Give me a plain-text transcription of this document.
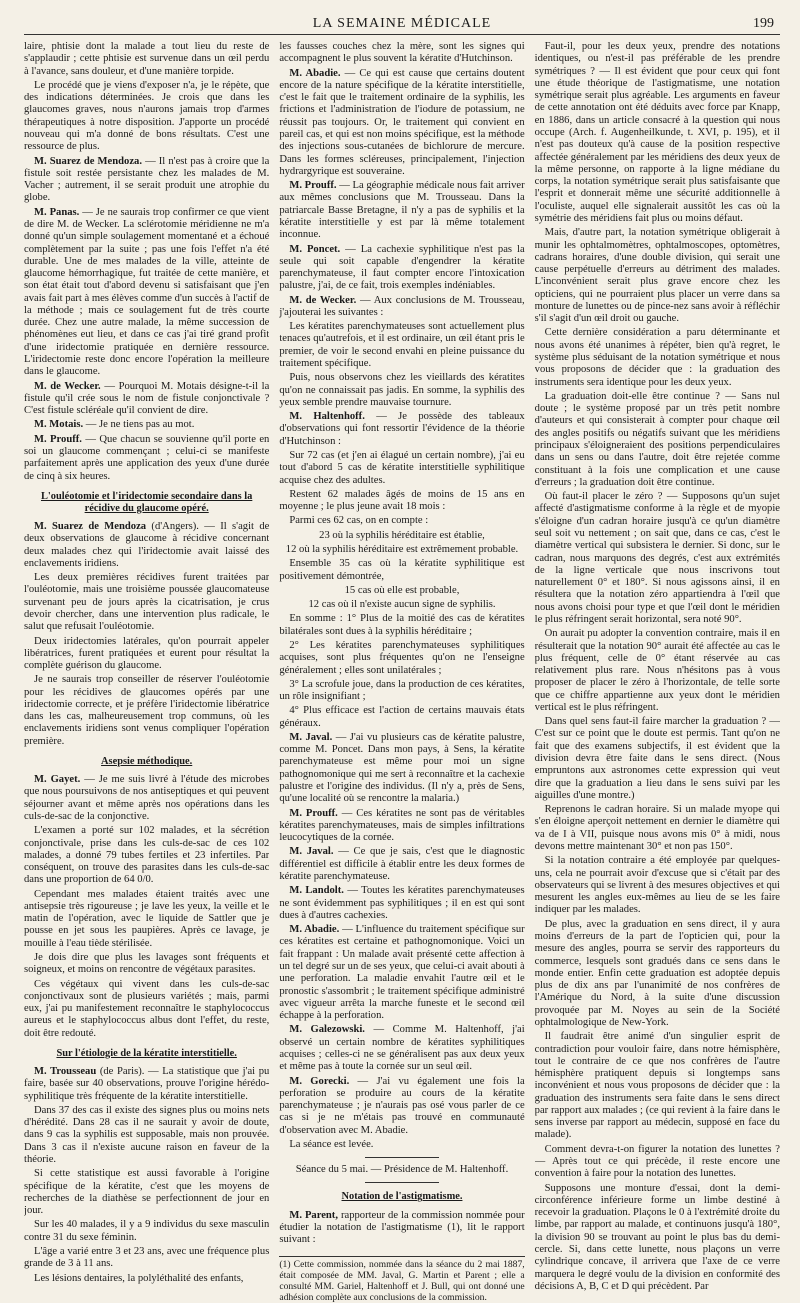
LA SEMAINE MÉDICALE	199

laire, phtisie dont la malade a tout lieu du reste de s'applaudir ; cette phtisie est survenue dans un œil perdu à l'avance, sans douleur, et d'une manière torpide.

Le procédé que je viens d'exposer n'a, je le répète, que des indications déterminées. Je crois que dans les glaucomes graves, nous n'aurons jamais trop d'armes thérapeutiques à notre disposition. J'apporte un procédé nouveau qui m'a donné de bons résultats. C'est une ressource de plus.

M. Suarez de Mendoza. — Il n'est pas à croire que la fistule soit restée persistante chez les malades de M. Vacher ; autrement, il se serait produit une atrophie du globe.

M. Panas. — Je ne saurais trop confirmer ce que vient de dire M. de Wecker. La sclérotomie méridienne ne m'a donné qu'un simple soulagement momentané et a échoué complètement par la suite ; pas une fois l'effet n'a été durable. Une de mes malades de la ville, atteinte de glaucome hémorrhagique, fut traitée de cette manière, et son état était tout d'abord devenu si satisfaisant que j'en avais fait part à mes élèves comme d'un succès à l'actif de la méthode ; mais ce soulagement fut de très courte durée. Chez une autre malade, la même succession de phénomènes eut lieu, et dans ce cas j'ai tiré grand profit d'une iridectomie pratiquée en dernière ressource. L'iridectomie reste donc encore l'opération la meilleure dans le glaucome.

M. de Wecker. — Pourquoi M. Motais désigne-t-il la fistule qu'il crée sous le nom de fistule conjonctivale ? C'est fistule scléréale qu'il convient de dire.

M. Motais. — Je ne tiens pas au mot.

M. Prouff. — Que chacun se souvienne qu'il porte en soi un glaucome commençant ; celui-ci se manifeste parfaitement après une application des yeux d'une durée de cinq à six heures.

L'ouléotomie et l'iridectomie secondaire dans la récidive du glaucome opéré.

M. Suarez de Mendoza (d'Angers). — Il s'agit de deux observations de glaucome à récidive concernant deux malades chez qui l'iridectomie avait laissé des enclavements iridiens.

Les deux premières récidives furent traitées par l'ouléotomie, mais une troisième poussée glaucomateuse survenant peu de jours après la cicatrisation, je crus devoir chercher, dans une intervention plus radicale, le salut que refusait l'ouléotomie.

Deux iridectomies latérales, qu'on pourrait appeler libératrices, furent pratiquées et eurent pour résultat la complète guérison du glaucome.

Je ne saurais trop conseiller de réserver l'ouléotomie pour les récidives de glaucomes opérés par une iridectomie correcte, et je préfère l'iridectomie libératrice dans les cas, malheureusement trop communs, où les enclavements iridiens sont venus compliquer l'opération première.

Asepsie méthodique.

M. Gayet. — Je me suis livré à l'étude des microbes que nous poursuivons de nos antiseptiques et qui peuvent séjourner avant et même après nos opérations dans les culs-de-sac de la conjonctive.

L'examen a porté sur 102 malades, et la sécrétion conjonctivale, prise dans les culs-de-sac de ces 102 malades, a donné 79 tubes fertiles et 23 infertiles. Par conséquent, on trouve des parasites dans les culs-de-sac dans une proportion de 64 0/0.

Cependant mes malades étaient traités avec une antisepsie très rigoureuse ; je lave les yeux, la veille et le matin de l'opération, avec le liquide de Sattler que je pousse en jet sous les paupières. Après ce lavage, je mouille à l'eau tiède stérilisée.

Je dois dire que plus les lavages sont fréquents et soigneux, et moins on rencontre de végétaux parasites.

Ces végétaux qui vivent dans les culs-de-sac conjonctivaux sont de plusieurs variétés ; mais, parmi eux, j'ai pu manifestement reconnaître le staphylococcus aureus et le staphylococcus albus dont l'effet, du reste, doit être redouté.

Sur l'étiologie de la kératite interstitielle.

M. Trousseau (de Paris). — La statistique que j'ai pu faire, basée sur 40 observations, prouve l'origine hérédo-syphilitique très fréquente de la kératite interstitielle.

Dans 37 des cas il existe des signes plus ou moins nets d'hérédité. Dans 28 cas il ne saurait y avoir de doute, dans 9 cas la syphilis est supposable, mais non prouvée. Dans 3 cas il n'existe aucune raison en faveur de la théorie.

Si cette statistique est aussi favorable à l'origine spécifique de la kératite, c'est que les moyens de recherches de la diathèse se perfectionnent de jour en jour.

Sur les 40 malades, il y a 9 individus du sexe masculin contre 31 du sexe féminin.

L'âge a varié entre 3 et 23 ans, avec une fréquence plus grande de 3 à 11 ans.

Les lésions dentaires, la polyléthalité des enfants,

les fausses couches chez la mère, sont les signes qui accompagnent le plus souvent la kératite d'Hutchinson.

M. Abadie. — Ce qui est cause que certains doutent encore de la nature spécifique de la kératite interstitielle, c'est le fait que le traitement ordinaire de la syphilis, les frictions et l'administration de l'iodure de potassium, ne réussit pas toujours. Or, le traitement qui convient en pareil cas, et qui est non moins spécifique, est la méthode des injections sous-cutanées de bichlorure de mercure. Dans les formes scléreuses, principalement, l'injection hydrargyrique est souveraine.

M. Prouff. — La géographie médicale nous fait arriver aux mêmes conclusions que M. Trousseau. Dans la patriarcale Basse Bretagne, il n'y a pas de syphilis et la kératite interstitielle y est par là même totalement inconnue.

M. Poncet. — La cachexie syphilitique n'est pas la seule qui soit capable d'engendrer la kératite parenchymateuse, il faut compter encore l'intoxication palustre, j'ai, de ce fait, trois exemples indéniables.

M. de Wecker. — Aux conclusions de M. Trousseau, j'ajouterai les suivantes :

Les kératites parenchymateuses sont actuellement plus tenaces qu'autrefois, et il est ordinaire, un œil étant pris le premier, de voir le second envahi en pleine puissance du traitement spécifique.

Puis, nous observons chez les vieillards des kératites qu'on ne connaissait pas jadis. En somme, la syphilis des yeux semble prendre mauvaise tournure.

M. Haltenhoff. — Je possède des tableaux d'observations qui font ressortir l'évidence de la théorie d'Hutchinson :

Sur 72 cas (et j'en ai élagué un certain nombre), j'ai eu tout d'abord 5 cas de kératite interstitielle syphilitique acquise chez des adultes.

Restent 62 malades âgés de moins de 15 ans en moyenne ; le plus jeune avait 18 mois :

Parmi ces 62 cas, on en compte :

23 où la syphilis héréditaire est établie,

12 où la syphilis héréditaire est extrêmement probable.

Ensemble 35 cas où la kératite syphilitique est positivement démontrée,

15 cas où elle est probable,

12 cas où il n'existe aucun signe de syphilis.

En somme : 1° Plus de la moitié des cas de kératites bilatérales sont dues à la syphilis héréditaire ;

2° Les kératites parenchymateuses syphilitiques acquises, sont plus fréquentes qu'on ne l'enseigne généralement ; elles sont unilatérales ;

3° La scrofule joue, dans la production de ces kératites, un rôle insignifiant ;

4° Plus efficace est l'action de certains mauvais états généraux.

M. Javal. — J'ai vu plusieurs cas de kératite palustre, comme M. Poncet. Dans mon pays, à Sens, la kératite parenchymateuse est même pour moi un signe pathognomonique qui me sert à reconnaître et la cachexie palustre et l'origine des individus. (Il n'y a, près de Sens, qu'une localité où se rencontre la malaria.)

M. Prouff. — Ces kératites ne sont pas de véritables kératites parenchymateuses, mais de simples infiltrations leucocytiques de la cornée.

M. Javal. — Ce que je sais, c'est que le diagnostic différentiel est difficile à établir entre les deux formes de kératite parenchymateuse.

M. Landolt. — Toutes les kératites parenchymateuses ne sont évidemment pas syphilitiques ; il en est qui sont dues à d'autres cachexies.

M. Abadie. — L'influence du traitement spécifique sur ces kératites est certaine et pathognomonique. Voici un fait frappant : Un malade avait présenté cette affection à un tel degré sur un de ses yeux, que celui-ci avait abouti à une perforation. La maladie envahit l'autre œil et le pronostic s'assombrit ; le traitement spécifique administré avec vigueur arrêta la marche funeste et le second œil échappe à la perforation.

M. Galezowski. — Comme M. Haltenhoff, j'ai observé un certain nombre de kératites syphilitiques acquises ; celles-ci ne se généralisent pas aux deux yeux et même pas à toute la cornée sur un seul œil.

M. Gorecki. — J'ai vu également une fois la perforation se produire au cours de la kératite parenchymateuse ; je n'aurais pas osé vous parler de ce cas si je ne m'étais pas trouvé en communauté d'observation avec M. Abadie.

La séance est levée.

Séance du 5 mai. — Présidence de M. Haltenhoff.

Notation de l'astigmatisme.

M. Parent, rapporteur de la commission nommée pour étudier la notation de l'astigmatisme (1), lit le rapport suivant :

(1) Cette commission, nommée dans la séance du 2 mai 1887, était composée de MM. Javal, G. Martin et Parent ; elle a consulté MM. Gariel, Haltenhoff et J. Bull, qui ont donné une adhésion complète aux conclusions de la commission.

Faut-il, pour les deux yeux, prendre des notations identiques, ou n'est-il pas préférable de les prendre symétriques ? — Il est évident que pour ceux qui font une étude théorique de l'astigmatisme, une notation symétrique serait plus agréable. Les arguments en faveur de cette annotation ont été déduits avec force par Knapp, en 1886, dans un article consacré à la question qui nous occupe (Arch. f. Augenheilkunde, t. XVI, p. 195), et il n'est pas douteux qu'à cause de la position respective affectée généralement par les méridiens des deux yeux de la même personne, on rapporte à la ligne médiane du corps, la notation symétrique serait plus satisfaisante que l'esprit et donnerait même une sécurité additionnelle à l'oculiste, auquel elle signalerait aussitôt les cas où la symétrie des méridiens fait plus ou moins défaut.

Mais, d'autre part, la notation symétrique obligerait à munir les ophtalmomètres, ophtalmoscopes, optomètres, cadrans horaires, d'une double division, qui serait une cause perpétuelle d'erreurs au détriment des malades. L'inconvénient serait plus grave encore chez les opticiens, qui ne pourraient plus placer un verre dans sa monture de lunettes ou de pince-nez sans avoir à réfléchir s'il s'agit d'un œil droit ou gauche.

Cette dernière considération a paru déterminante et nous avons été unanimes à répéter, bien qu'à regret, le système plus séduisant de la notation symétrique et nous vous proposons de décider que : la graduation des instruments sera identique pour les deux yeux.

La graduation doit-elle être continue ? — Sans nul doute ; le système proposé par un très petit nombre d'auteurs et qui consisterait à compter pour chaque œil des angles positifs ou négatifs suivant que les méridiens principaux s'éloigneraient des positions perpendiculaires dans un sens ou dans l'autre, doit être rejetée comme constituant à la fois une complication et une cause d'erreurs ; la graduation doit être continue.

Où faut-il placer le zéro ? — Supposons qu'un sujet affecté d'astigmatisme conforme à la règle et de myopie s'éloigne d'un cadran horaire jusqu'à ce qu'un diamètre seul soit vu nettement ; on sait que, dans ce cas, c'est le diamètre vertical qui subsistera le dernier. Si donc, sur le cadran, nous marquons des degrés, c'est aux extrémités de la ligne verticale que nous inscrivons tout naturellement 0° et 180°. Si nous agissons ainsi, il en résultera que la notation zéro appartiendra à l'œil que nous avons choisi pour type et que l'œil dont le méridien le plus réfringent serait horizontal, sera noté 90°.

On aurait pu adopter la convention contraire, mais il en résulterait que la notation 90° aurait été affectée au cas le plus fréquent, celle de 0° étant réservée au cas relativement plus rare. Nous n'hésitons pas à vous proposer de placer le zéro à l'horizontale, de telle sorte que ce chiffre appartienne aux yeux dont le méridien vertical est le plus réfringent.

Dans quel sens faut-il faire marcher la graduation ? — C'est sur ce point que le doute est permis. Tant qu'on ne fait que des examens subjectifs, il est évident que la division devra être faite dans le sens direct. (Nous empruntons aux astronomes cette expression qui veut dire que la graduation a lieu dans le sens suivi par les aiguilles d'une montre.)

Reprenons le cadran horaire. Si un malade myope qui s'en éloigne aperçoit nettement en dernier le diamètre qui va de I à VII, puisque nous avons mis 0° à midi, nous devons mettre maintenant 30° et non pas 150°.

Si la notation contraire a été employée par quelques-uns, cela ne pourrait avoir d'excuse que si c'était par des observateurs qui se livrent à des mesures objectives et qui mesurent les angles eux-mêmes au lieu de se les faire indiquer par les malades.

De plus, avec la graduation en sens direct, il y aura moins d'erreurs de la part de l'opticien qui, pour la mesure des angles, pourra se servir des rapporteurs du commerce, lesquels sont gradués dans ce sens dans le monde entier. Enfin cette graduation est adoptée depuis plus de dix ans par l'unanimité de nos confrères de l'Amérique du Nord, à la suite d'une discussion provoquée par M. Noyes au sein de la Société ophtalmologique de New-York.

Il faudrait être animé d'un singulier esprit de contradiction pour vouloir faire, dans notre hémisphère, tout le contraire de ce que nos confrères de l'autre hémisphère pratiquent depuis si longtemps sans inconvénient et nous vous proposons de décider que : la graduation des instruments sera faite dans le sens direct par rapport aux malades ; (ce qui revient à la faire dans le sens inverse par rapport au médecin, supposé en face du malade).

Comment devra-t-on figurer la notation des lunettes ? — Après tout ce qui précède, il reste encore une convention à faire pour la notation des lunettes.

Supposons une monture d'essai, dont la demi-circonférence inférieure forme un limbe destiné à recevoir la graduation. Plaçons le 0 à l'extrémité droite du limbe, par rapport au malade, et continuons jusqu'à 180°, la division 90 se trouvant au point le plus bas du demi-cercle. Si, dans cette lunette, nous plaçons un verre cylindrique concave, il arrivera que l'axe de ce verre marquera le degré voulu de la division en conformité des décisions A, B, C et D qui précèdent. Par
